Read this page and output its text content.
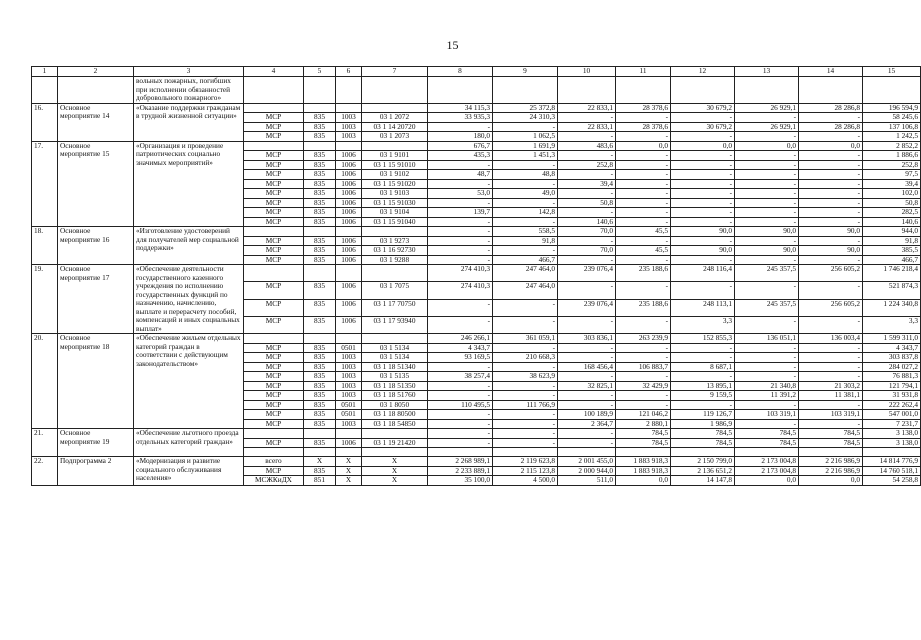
15
1	2	3	4	5	6	7	8	9	10	11	12	13	14	15
		вольных пожарных, погибших при исполнении обязанностей добровольного пожарного»												
16.	Основное мероприятие 14	«Оказание поддержки гражданам в трудной жизненной ситуации»					34 115,3	25 372,8	22 833,1	28 378,6	30 679,2	26 929,1	28 286,8	196 594,9
			МСР	835	1003	03 1 2072	33 935,3	24 310,3	-	-	-	-	-	58 245,6
			МСР	835	1003	03 1 14 20720	-	-	22 833,1	28 378,6	30 679,2	26 929,1	28 286,8	137 106,8
			МСР	835	1003	03 1 2073	180,0	1 062,5	-	-	-	-	-	1 242,5
17.	Основное мероприятие 15	«Организация и проведение патриотических социально значимых мероприятий»					676,7	1 691,9	483,6	0,0	0,0	0,0	0,0	2 852,2
			МСР	835	1006	03 1 9101	435,3	1 451,3	-	-	-	-	-	1 886,6
			МСР	835	1006	03 1 15 91010	-	-	252,8	-	-	-	-	252,8
			МСР	835	1006	03 1 9102	48,7	48,8	-	-	-	-	-	97,5
			МСР	835	1006	03 1 15 91020	-	-	39,4	-	-	-	-	39,4
			МСР	835	1006	03 1 9103	53,0	49,0	-	-	-	-	-	102,0
			МСР	835	1006	03 1 15 91030	-	-	50,8	-	-	-	-	50,8
			МСР	835	1006	03 1 9104	139,7	142,8	-	-	-	-	-	282,5
			МСР	835	1006	03 1 15 91040	-	-	140,6	-	-	-	-	140,6
18.	Основное мероприятие 16	«Изготовление удостоверений для получателей мер социальной поддержки»					-	558,5	70,0	45,5	90,0	90,0	90,0	944,0
			МСР	835	1006	03 1 9273	-	91,8	-	-	-	-	-	91,8
			МСР	835	1006	03 1 16 92730	-	-	70,0	45,5	90,0	90,0	90,0	385,5
			МСР	835	1006	03 1 9288	-	466,7	-	-	-	-	-	466,7
19.	Основное мероприятие 17	«Обеспечение деятельности государственного казенного учреждения по исполнению государственных функций по назначению, начислению, выплате и перерасчету пособий, компенсаций и иных социальных выплат»					274 410,3	247 464,0	239 076,4	235 188,6	248 116,4	245 357,5	256 605,2	1 746 218,4
			МСР	835	1006	03 1 7075	274 410,3	247 464,0	-	-	-	-	-	521 874,3
			МСР	835	1006	03 1 17 70750	-	-	239 076,4	235 188,6	248 113,1	245 357,5	256 605,2	1 224 340,8
			МСР	835	1006	03 1 17 93940	-	-	-	-	3,3	-	-	3,3
20.	Основное мероприятие 18	«Обеспечение жильем отдельных категорий граждан в соответствии с действующим законодательством»					246 266,1	361 059,1	303 836,1	263 239,9	152 855,3	136 051,1	136 003,4	1 599 311,0
			МСР	835	0501	03 1 5134	4 343,7	-	-	-	-	-	-	4 343,7
			МСР	835	1003	03 1 5134	93 169,5	210 668,3	-	-	-	-	-	303 837,8
			МСР	835	1003	03 1 18 51340	-	-	168 456,4	106 883,7	8 687,1	-	-	284 027,2
			МСР	835	1003	03 1 5135	38 257,4	38 623,9	-	-	-	-	-	76 881,3
			МСР	835	1003	03 1 18 51350	-	-	32 825,1	32 429,9	13 895,1	21 340,8	21 303,2	121 794,1
			МСР	835	1003	03 1 18 51760	-	-	-	-	9 159,5	11 391,2	11 381,1	31 931,8
			МСР	835	0501	03 1 8050	110 495,5	111 766,9	-	-	-	-	-	222 262,4
			МСР	835	0501	03 1 18 80500	-	-	100 189,9	121 046,2	119 126,7	103 319,1	103 319,1	547 001,0
			МСР	835	1003	03 1 18 54850	-	-	2 364,7	2 880,1	1 986,9	-	-	7 231,7
21.	Основное мероприятие 19	«Обеспечение льготного проезда отдельных категорий граждан»					-	-	-	784,5	784,5	784,5	784,5	3 138,0
			МСР	835	1006	03 1 19 21420	-	-	-	784,5	784,5	784,5	784,5	3 138,0

22.	Подпрограмма 2	«Модернизация и развитие социального обслуживания населения»	всего	Х	Х	Х	2 268 989,1	2 119 623,8	2 001 455,0	1 883 918,3	2 150 799,0	2 173 004,8	2 216 986,9	14 814 776,9
			МСР	835	Х	Х	2 233 889,1	2 115 123,8	2 000 944,0	1 883 918,3	2 136 651,2	2 173 004,8	2 216 986,9	14 760 518,1
			МСЖКиДХ	851	Х	Х	35 100,0	4 500,0	511,0	0,0	14 147,8	0,0	0,0	54 258,8
